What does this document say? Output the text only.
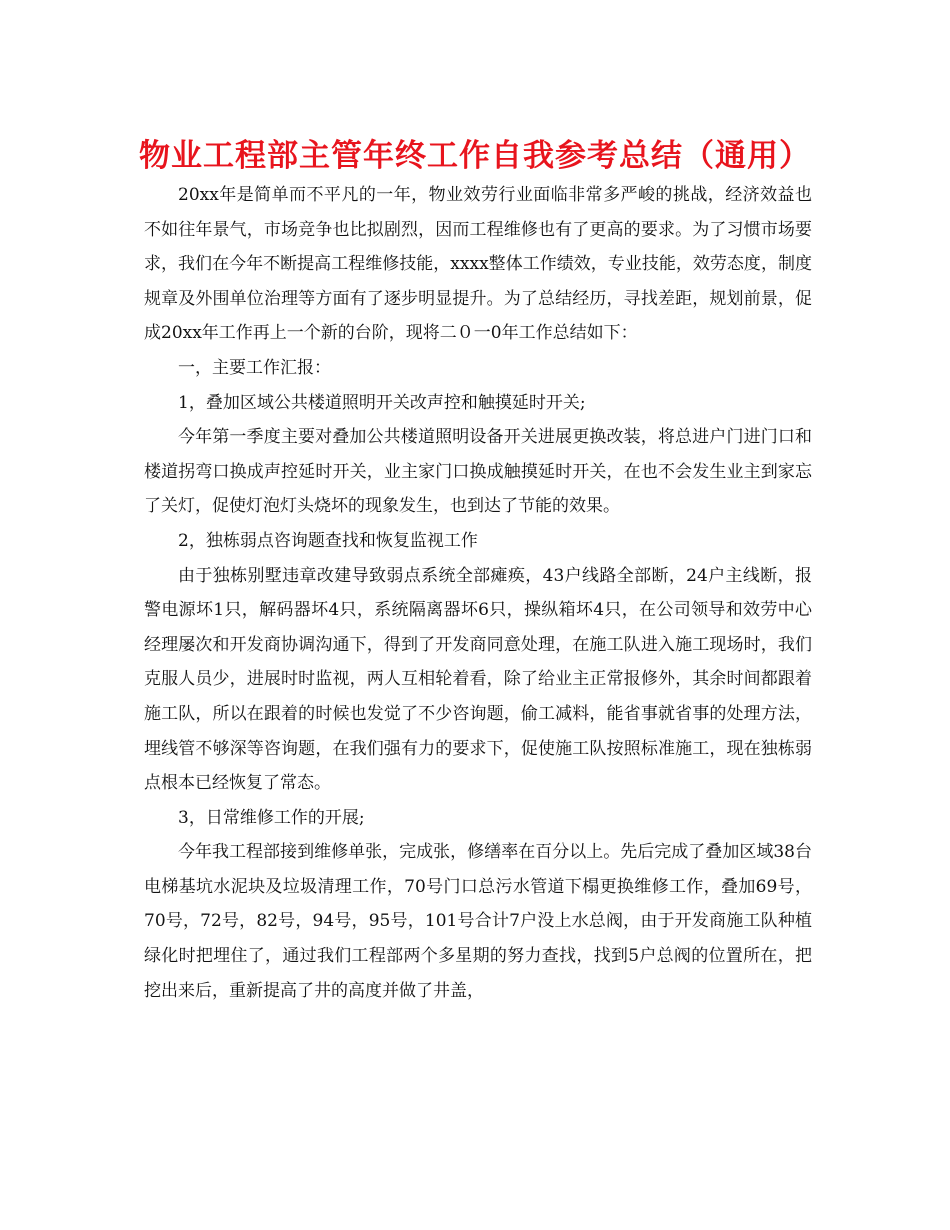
物业工程部主管年终工作自我参考总结（通用）

20xx年是简单而不平凡的一年，物业效劳行业面临非常多严峻的挑战，经济效益也不如往年景气，市场竞争也比拟剧烈，因而工程维修也有了更高的要求。为了习惯市场要求，我们在今年不断提高工程维修技能，xxxx整体工作绩效，专业技能，效劳态度，制度规章及外围单位治理等方面有了逐步明显提升。为了总结经历，寻找差距，规划前景，促成20xx年工作再上一个新的台阶，现将二０一0年工作总结如下：

一，主要工作汇报：

1，叠加区域公共楼道照明开关改声控和触摸延时开关;

今年第一季度主要对叠加公共楼道照明设备开关进展更换改装，将总进户门进门口和楼道拐弯口换成声控延时开关，业主家门口换成触摸延时开关，在也不会发生业主到家忘了关灯，促使灯泡灯头烧坏的现象发生，也到达了节能的效果。

2，独栋弱点咨询题查找和恢复监视工作

由于独栋别墅违章改建导致弱点系统全部瘫痪，43户线路全部断，24户主线断，报警电源坏1只，解码器坏4只，系统隔离器坏6只，操纵箱坏4只，在公司领导和效劳中心经理屡次和开发商协调沟通下，得到了开发商同意处理，在施工队进入施工现场时，我们克服人员少，进展时时监视，两人互相轮着看，除了给业主正常报修外，其余时间都跟着施工队，所以在跟着的时候也发觉了不少咨询题，偷工减料，能省事就省事的处理方法，埋线管不够深等咨询题，在我们强有力的要求下，促使施工队按照标准施工，现在独栋弱点根本已经恢复了常态。

3，日常维修工作的开展;

今年我工程部接到维修单张，完成张，修缮率在百分以上。先后完成了叠加区域38台电梯基坑水泥块及垃圾清理工作，70号门口总污水管道下榻更换维修工作，叠加69号，70号，72号，82号，94号，95号，101号合计7户没上水总阀，由于开发商施工队种植绿化时把埋住了，通过我们工程部两个多星期的努力查找，找到5户总阀的位置所在，把挖出来后，重新提高了井的高度并做了井盖，
